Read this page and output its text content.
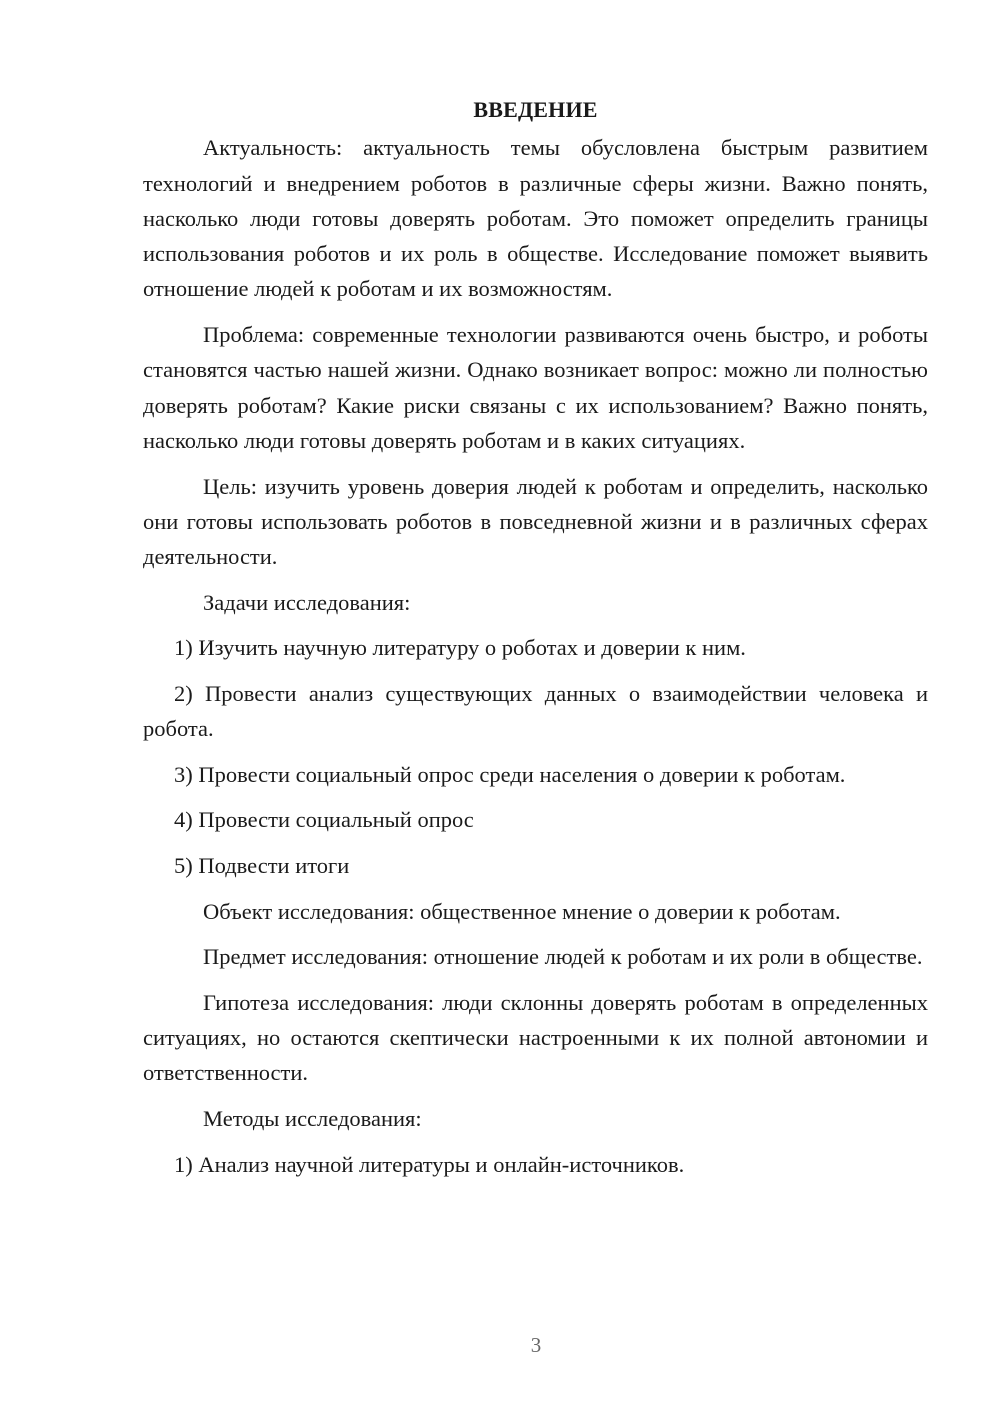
ВВЕДЕНИЕ

Актуальность: актуальность темы обусловлена быстрым развитием технологий и внедрением роботов в различные сферы жизни. Важно понять, насколько люди готовы доверять роботам. Это поможет определить границы использования роботов и их роль в обществе. Исследование поможет выявить отношение людей к роботам и их возможностям.

Проблема: современные технологии развиваются очень быстро, и роботы становятся частью нашей жизни. Однако возникает вопрос: можно ли полностью доверять роботам? Какие риски связаны с их использованием? Важно понять, насколько люди готовы доверять роботам и в каких ситуациях.

Цель: изучить уровень доверия людей к роботам и определить, насколько они готовы использовать роботов в повседневной жизни и в различных сферах деятельности.

Задачи исследования:

1) Изучить научную литературу о роботах и доверии к ним.

2) Провести анализ существующих данных о взаимодействии человека и робота.

3) Провести социальный опрос среди населения о доверии к роботам.

4) Провести социальный опрос

5) Подвести итоги

Объект исследования: общественное мнение о доверии к роботам.

Предмет исследования: отношение людей к роботам и их роли в обществе.

Гипотеза исследования: люди склонны доверять роботам в определенных ситуациях, но остаются скептически настроенными к их полной автономии и ответственности.

Методы исследования:

1) Анализ научной литературы и онлайн-источников.

3
